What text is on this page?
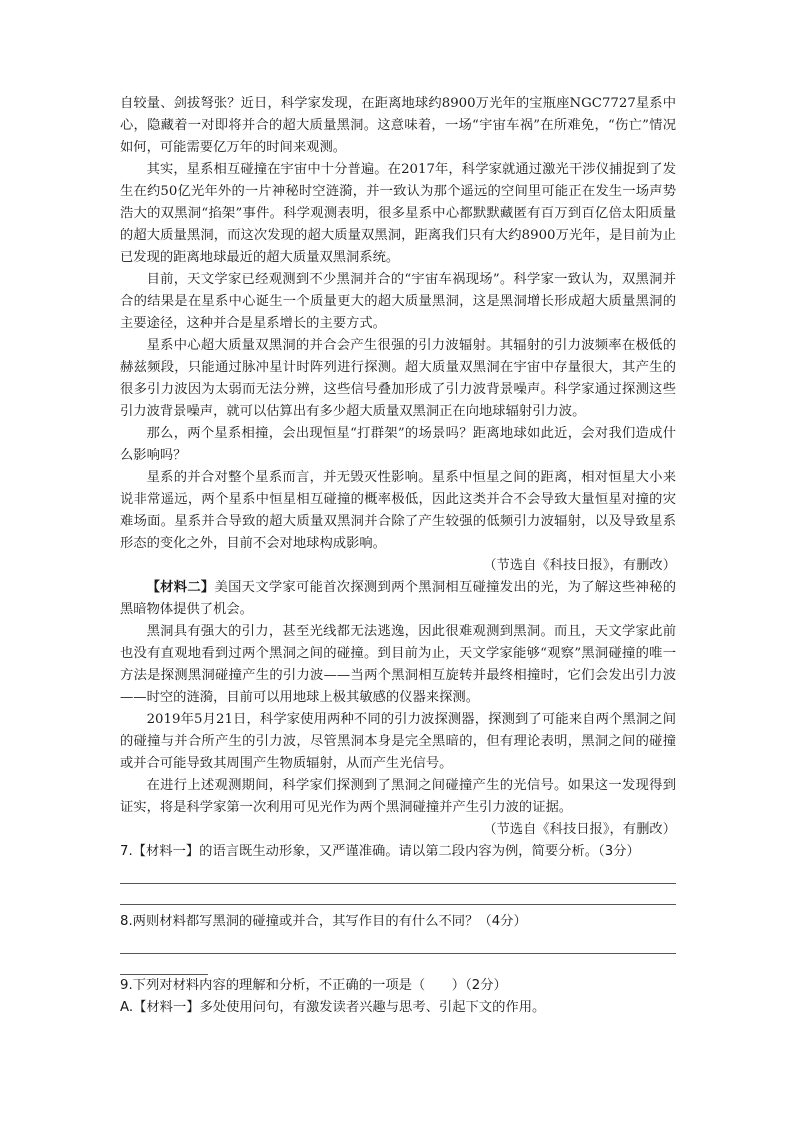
自较量、剑拔弩张？近日，科学家发现，在距离地球约8900万光年的宝瓶座NGC7727星系中心，隐藏着一对即将并合的超大质量黑洞。这意味着，一场“宇宙车祸”在所难免，“伤亡”情况如何，可能需要亿万年的时间来观测。

其实，星系相互碰撞在宇宙中十分普遍。在2017年，科学家就通过激光干涉仪捕捉到了发生在约50亿光年外的一片神秘时空涟漪，并一致认为那个遥远的空间里可能正在发生一场声势浩大的双黑洞“掐架”事件。科学观测表明，很多星系中心都默默藏匿有百万到百亿倍太阳质量的超大质量黑洞，而这次发现的超大质量双黑洞，距离我们只有大约8900万光年，是目前为止已发现的距离地球最近的超大质量双黑洞系统。

目前，天文学家已经观测到不少黑洞并合的“宇宙车祸现场”。科学家一致认为，双黑洞并合的结果是在星系中心诞生一个质量更大的超大质量黑洞，这是黑洞增长形成超大质量黑洞的主要途径，这种并合是星系增长的主要方式。

星系中心超大质量双黑洞的并合会产生很强的引力波辐射。其辐射的引力波频率在极低的赫兹频段，只能通过脉冲星计时阵列进行探测。超大质量双黑洞在宇宙中存量很大，其产生的很多引力波因为太弱而无法分辨，这些信号叠加形成了引力波背景噪声。科学家通过探测这些引力波背景噪声，就可以估算出有多少超大质量双黑洞正在向地球辐射引力波。

那么，两个星系相撞，会出现恒星“打群架”的场景吗？距离地球如此近，会对我们造成什么影响吗？

星系的并合对整个星系而言，并无毁灭性影响。星系中恒星之间的距离，相对恒星大小来说非常遥远，两个星系中恒星相互碰撞的概率极低，因此这类并合不会导致大量恒星对撞的灾难场面。星系并合导致的超大质量双黑洞并合除了产生较强的低频引力波辐射，以及导致星系形态的变化之外，目前不会对地球构成影响。

（节选自《科技日报》，有删改）

【材料二】美国天文学家可能首次探测到两个黑洞相互碰撞发出的光，为了解这些神秘的黑暗物体提供了机会。

黑洞具有强大的引力，甚至光线都无法逃逸，因此很难观测到黑洞。而且，天文学家此前也没有直观地看到过两个黑洞之间的碰撞。到目前为止，天文学家能够“观察”黑洞碰撞的唯一方法是探测黑洞碰撞产生的引力波——当两个黑洞相互旋转并最终相撞时，它们会发出引力波——时空的涟漪，目前可以用地球上极其敏感的仪器来探测。

2019年5月21日，科学家使用两种不同的引力波探测器，探测到了可能来自两个黑洞之间的碰撞与并合所产生的引力波，尽管黑洞本身是完全黑暗的，但有理论表明，黑洞之间的碰撞或并合可能导致其周围产生物质辐射，从而产生光信号。

在进行上述观测期间，科学家们探测到了黑洞之间碰撞产生的光信号。如果这一发现得到证实，将是科学家第一次利用可见光作为两个黑洞碰撞并产生引力波的证据。

（节选自《科技日报》，有删改）

7.【材料一】的语言既生动形象，又严谨准确。请以第二段内容为例，简要分析。（3分）

8.两则材料都写黑洞的碰撞或并合，其写作目的有什么不同？（4分）

9.下列对材料内容的理解和分析，不正确的一项是（　　）（2分）

A.【材料一】多处使用问句，有激发读者兴趣与思考、引起下文的作用。
